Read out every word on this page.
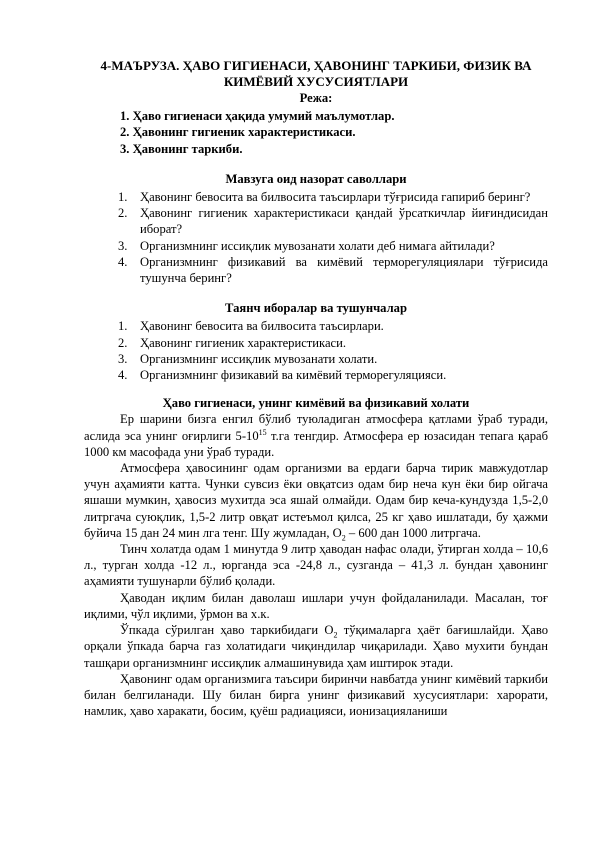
4-МАЪРУЗА. ҲАВО ГИГИЕНАСИ, ҲАВОНИНГ ТАРКИБИ, ФИЗИК ВА КИМЁВИЙ ХУСУСИЯТЛАРИ
Режа:
1. Ҳаво гигиенаси ҳақида умумий маълумотлар.
2. Ҳавонинг гигиеник характеристикаси.
3. Ҳавонинг таркиби.
Мавзуга оид назорат саволлари
1. Ҳавонинг бевосита ва билвосита таъсирлари тўғрисида гапириб беринг?
2. Ҳавонинг гигиеник характеристикаси қандай ўрсаткичлар йиғиндисидан иборат?
3. Организмнинг иссиқлик мувозанати холати деб нимага айтилади?
4. Организмнинг физикавий ва кимёвий терморегуляциялари тўғрисида тушунча беринг?
Таянч иборалар ва тушунчалар
1. Ҳавонинг бевосита ва билвосита таъсирлари.
2. Ҳавонинг гигиеник характеристикаси.
3. Организмнинг иссиқлик мувозанати холати.
4. Организмнинг физикавий ва кимёвий терморегуляцияси.
Ҳаво гигиенаси, унинг кимёвий ва физикавий холати

Ер шарини бизга енгил бўлиб туюладиган атмосфера қатлами ўраб туради, аслида эса унинг оғирлиги $5-10^{15}$ т.га тенгдир. Атмосфера ер юзасидан тепага қараб 1000 км масофада уни ўраб туради.

Атмосфера ҳавосининг одам организми ва ердаги барча тирик мавжудотлар учун аҳамияти катта. Чунки сувсиз ёки овқатсиз одам бир неча кун ёки бир ойгача яшаши мумкин, ҳавосиз мухитда эса яшай олмайди. Одам бир кеча-кундузда 1,5-2,0 литргача суюқлик, 1,5-2 литр овқат истеъмол қилса, 25 кг ҳаво ишлатади, бу ҳажми буйича 15 дан 24 мин лга тенг. Шу жумладан, $О_2 - 600$ дан 1000 литргача.

Тинч холатда одам 1 минутда 9 литр ҳаводан нафас олади, ўтирган холда – 10,6 л., турган холда -12 л., юрганда эса -24,8 л., сузганда – 41,3 л. бундан ҳавонинг аҳамияти тушунарли бўлиб қолади.

Ҳаводан иқлим билан даволаш ишлари учун фойдаланилади. Масалан, тоғ иқлими, чўл иқлими, ўрмон ва х.к.

Ўпкада сўрилган ҳаво таркибидаги $О_2$ тўқималарга ҳаёт бағишлайди. Ҳаво орқали ўпкада барча газ холатидаги чиқиндилар чиқарилади. Ҳаво мухити бундан ташқари организмнинг иссиқлик алмашинувида ҳам иштирок этади.

Ҳавонинг одам организмига таъсири биринчи навбатда унинг кимёвий таркиби билан белгиланади. Шу билан бирга унинг физикавий хусусиятлари: харорати, намлик, ҳаво харакати, босим, қуёш радиацияси, ионизацияланиши
